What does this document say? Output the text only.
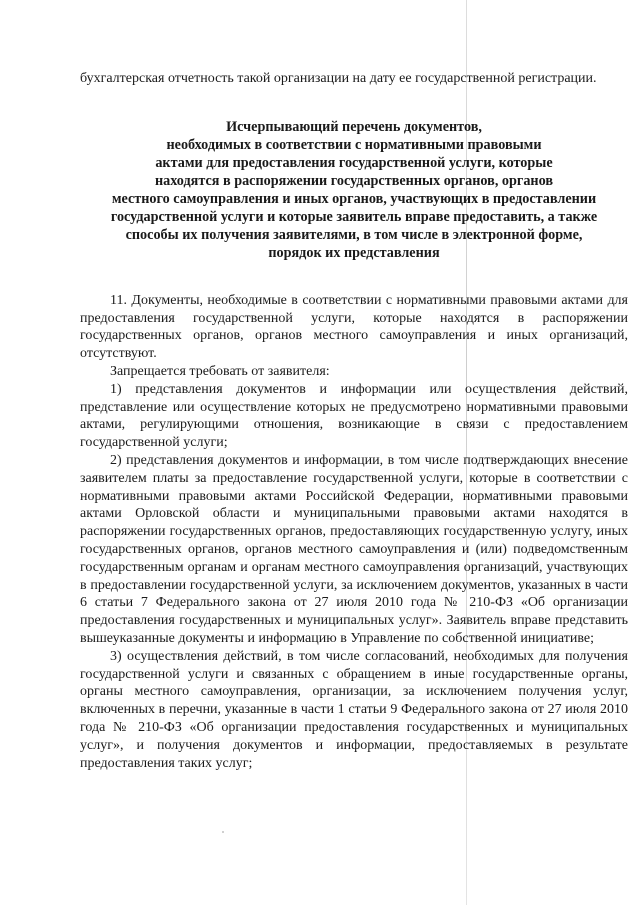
бухгалтерская отчетность такой организации на дату ее государственной регистрации.

Исчерпывающий перечень документов,
необходимых в соответствии с нормативными правовыми
актами для предоставления государственной услуги, которые
находятся в распоряжении государственных органов, органов
местного самоуправления и иных органов, участвующих в предоставлении
государственной услуги и которые заявитель вправе предоставить, а также
способы их получения заявителями, в том числе в электронной форме,
порядок их представления

11. Документы, необходимые в соответствии с нормативными правовыми актами для предоставления государственной услуги, которые находятся в распоряжении государственных органов, органов местного самоуправления и иных организаций, отсутствуют.

Запрещается требовать от заявителя:

1) представления документов и информации или осуществления действий, представление или осуществление которых не предусмотрено нормативными правовыми актами, регулирующими отношения, возникающие в связи с предоставлением государственной услуги;

2) представления документов и информации, в том числе подтверждающих внесение заявителем платы за предоставление государственной услуги, которые в соответствии с нормативными правовыми актами Российской Федерации, нормативными правовыми актами Орловской области и муниципальными правовыми актами находятся в распоряжении государственных органов, предоставляющих государственную услугу, иных государственных органов, органов местного самоуправления и (или) подведомственным государственным органам и органам местного самоуправления организаций, участвующих в предоставлении государственной услуги, за исключением документов, указанных в части 6 статьи 7 Федерального закона от 27 июля 2010 года № 210-ФЗ «Об организации предоставления государственных и муниципальных услуг». Заявитель вправе представить вышеуказанные документы и информацию в Управление по собственной инициативе;

3) осуществления действий, в том числе согласований, необходимых для получения государственной услуги и связанных с обращением в иные государственные органы, органы местного самоуправления, организации, за исключением получения услуг, включенных в перечни, указанные в части 1 статьи 9 Федерального закона от 27 июля 2010 года № 210-ФЗ «Об организации предоставления государственных и муниципальных услуг», и получения документов и информации, предоставляемых в результате предоставления таких услуг;
